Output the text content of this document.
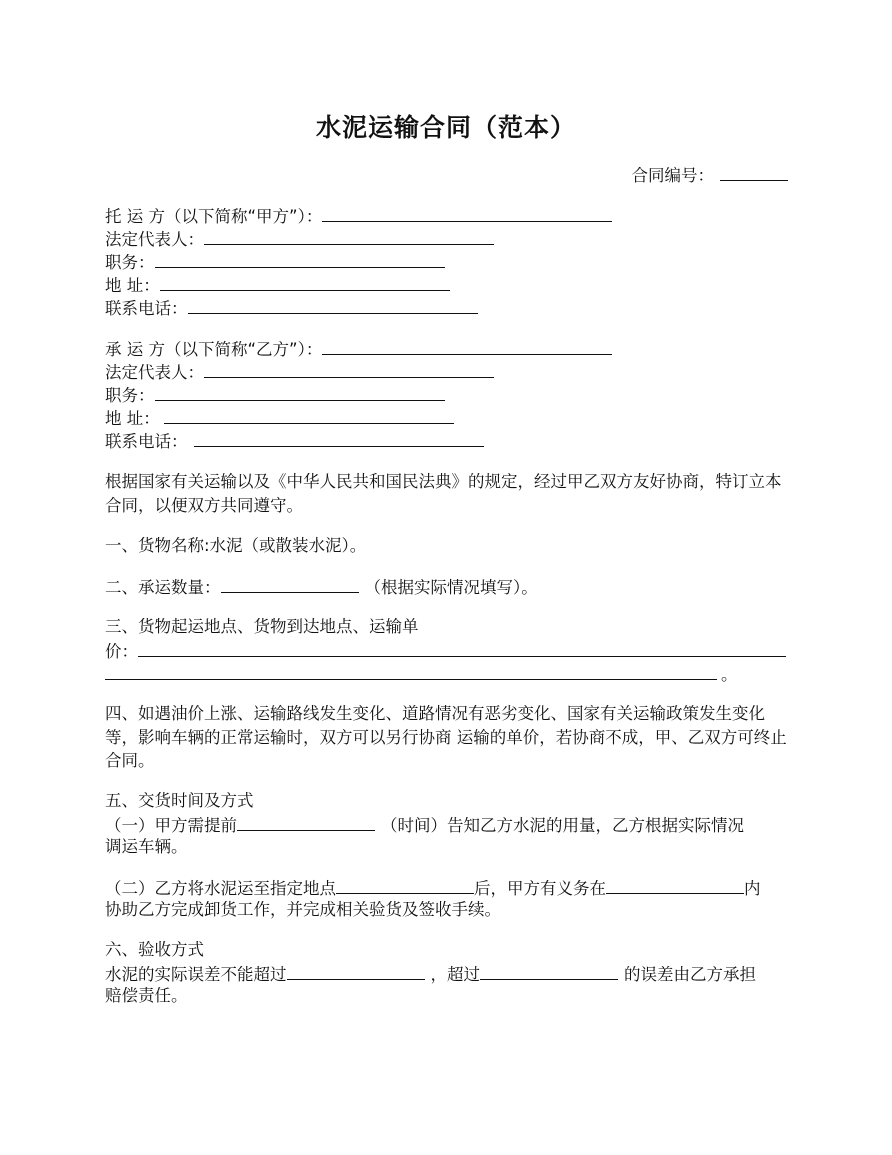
水泥运输合同（范本）
合同编号：
托 运 方（以下简称“甲方”）：
法定代表人：
职务：
地 址：
联系电话：
承 运 方（以下简称“乙方”）：
法定代表人：
职务：
地 址：
联系电话：
根据国家有关运输以及《中华人民共和国民法典》的规定，经过甲乙双方友好协商，特订立本合同，以便双方共同遵守。
一、货物名称:水泥（或散装水泥）。
二、承运数量：	（根据实际情况填写）。
三、货物起运地点、货物到达地点、运输单
价：
。
四、如遇油价上涨、运输路线发生变化、道路情况有恶劣变化、国家有关运输政策发生变化等，影响车辆的正常运输时，双方可以另行协商 运输的单价，若协商不成，甲、乙双方可终止合同。
五、交货时间及方式
（一）甲方需提前	（时间）告知乙方水泥的用量，乙方根据实际情况
调运车辆。
（二）乙方将水泥运至指定地点	后，甲方有义务在	内
协助乙方完成卸货工作，并完成相关验货及签收手续。
六、验收方式
水泥的实际误差不能超过	，超过	的误差由乙方承担
赔偿责任。
